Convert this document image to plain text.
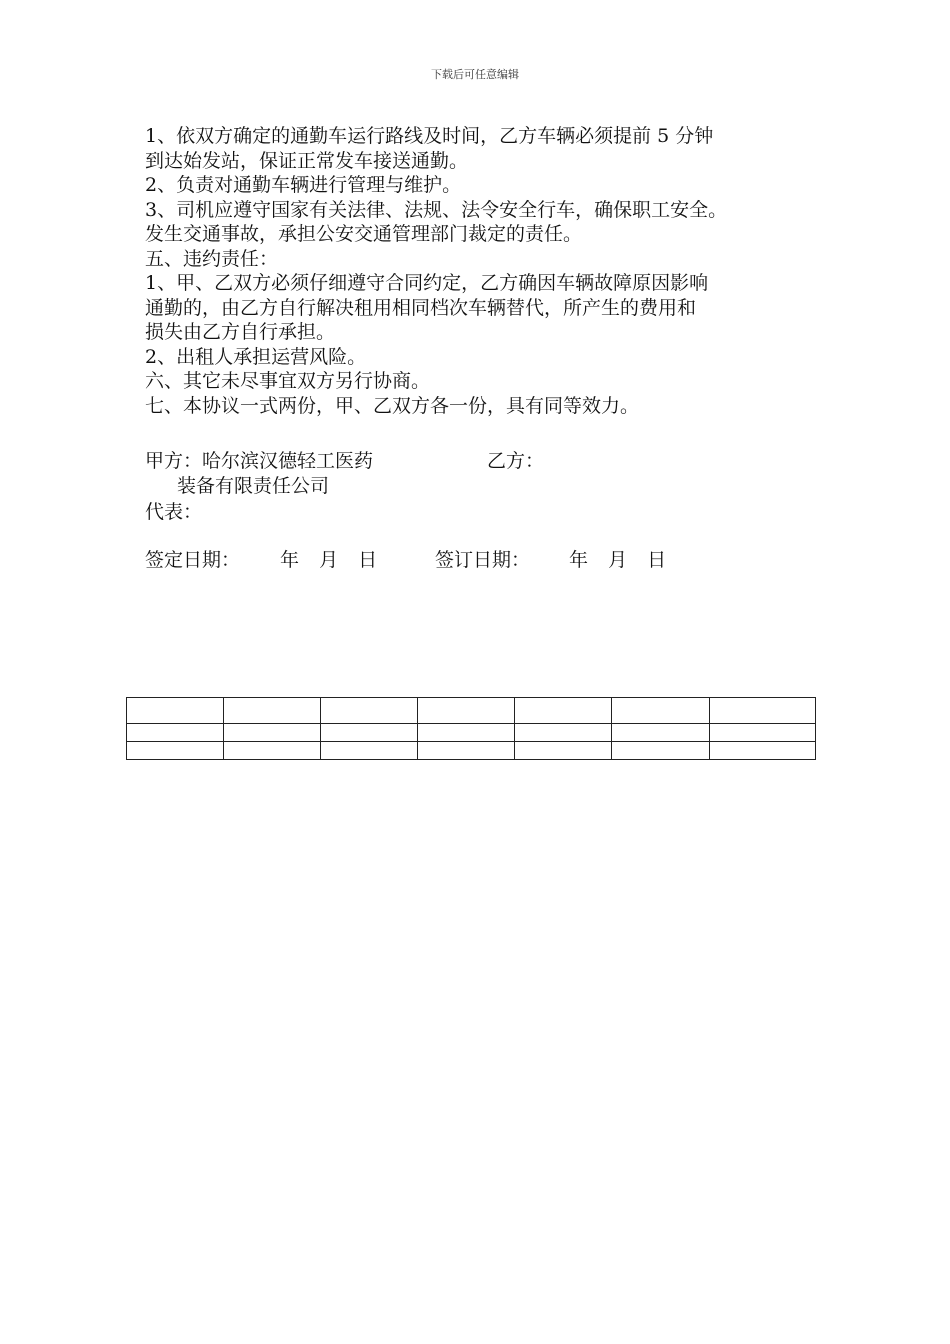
下载后可任意编辑

1、依双方确定的通勤车运行路线及时间，乙方车辆必须提前 5 分钟

到达始发站，保证正常发车接送通勤。

2、负责对通勤车辆进行管理与维护。

3、司机应遵守国家有关法律、法规、法令安全行车，确保职工安全。

发生交通事故，承担公安交通管理部门裁定的责任。

五、违约责任：

1、甲、乙双方必须仔细遵守合同约定，乙方确因车辆故障原因影响

通勤的，由乙方自行解决租用相同档次车辆替代，所产生的费用和

损失由乙方自行承担。

2、出租人承担运营风险。

六、其它未尽事宜双方另行协商。

七、本协议一式两份，甲、乙双方各一份，具有同等效力。

甲方：哈尔滨汉德轻工医药	乙方：
装备有限责任公司
代表：
签定日期： 年 月 日	签订日期： 年 月 日
